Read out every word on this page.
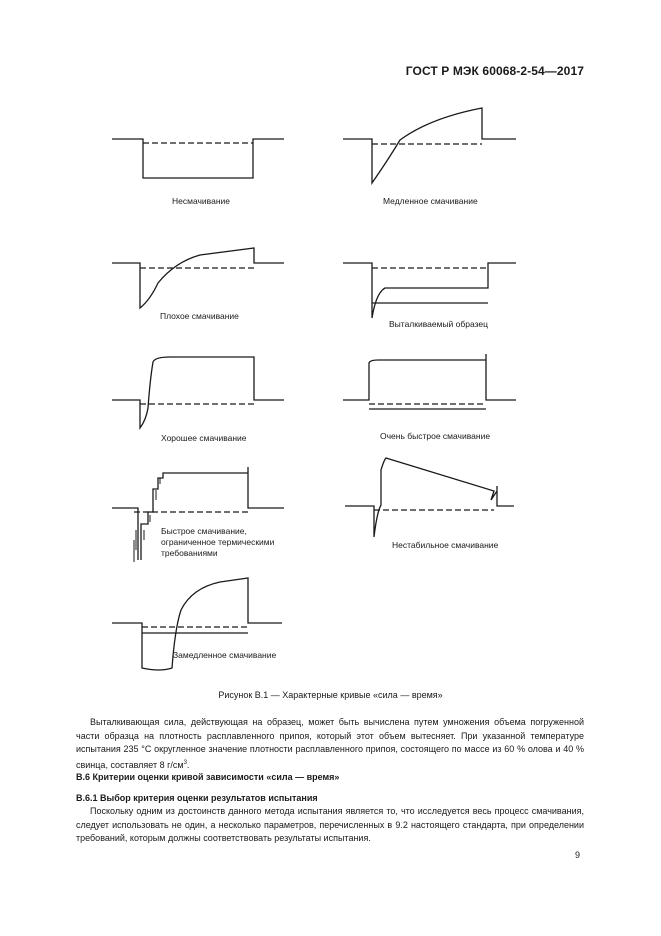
ГОСТ Р МЭК 60068-2-54—2017
Несмачивание	Медленное смачивание
Плохое смачивание
Выталкиваемый образец
Хорошее смачивание	Очень быстрое смачивание
Быстрое смачивание,
ограниченное термическими
требованиями
Нестабильное смачивание
Замедленное смачивание
Рисунок B.1 — Характерные кривые «сила — время»
Выталкивающая сила, действующая на образец, может быть вычислена путем умножения объема погруженной части образца на плотность расплавленного припоя, который этот объем вытесняет. При указанной температуре испытания 235 °С округленное значение плотности расплавленного припоя, состоящего по массе из 60 % олова и 40 % свинца, составляет 8 $г/см^3$.
В.6 Критерии оценки кривой зависимости «сила — время»
В.6.1 Выбор критерия оценки результатов испытания
Поскольку одним из достоинств данного метода испытания является то, что исследуется весь процесс смачивания, следует использовать не один, а несколько параметров, перечисленных в 9.2 настоящего стандарта, при определении требований, которым должны соответствовать результаты испытания.
9
